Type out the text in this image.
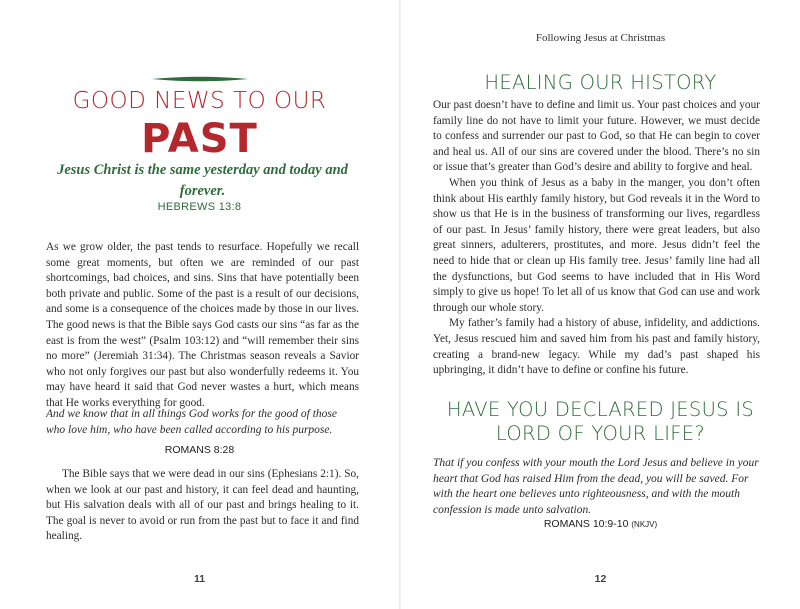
GOOD NEWS TO OUR
PAST
Jesus Christ is the same yesterday and today and forever.
HEBREWS 13:8

As we grow older, the past tends to resurface. Hopefully we recall some great moments, but often we are reminded of our past shortcomings, bad choices, and sins. Sins that have potentially been both private and public. Some of the past is a result of our decisions, and some is a consequence of the choices made by those in our lives. The good news is that the Bible says God casts our sins “as far as the east is from the west” (Psalm 103:12) and “will remember their sins no more” (Jeremiah 31:34). The Christmas season reveals a Savior who not only forgives our past but also wonderfully redeems it. You may have heard it said that God never wastes a hurt, which means that He works everything for good.

And we know that in all things God works for the good of those who love him, who have been called according to his purpose.
ROMANS 8:28

The Bible says that we were dead in our sins (Ephesians 2:1). So, when we look at our past and history, it can feel dead and haunting, but His salvation deals with all of our past and brings healing to it. The goal is never to avoid or run from the past but to face it and find healing.

11
Following Jesus at Christmas
HEALING OUR HISTORY

Our past doesn’t have to define and limit us. Your past choices and your family line do not have to limit your future. However, we must decide to confess and surrender our past to God, so that He can begin to cover and heal us. All of our sins are covered under the blood. There’s no sin or issue that’s greater than God’s desire and ability to forgive and heal.

When you think of Jesus as a baby in the manger, you don’t often think about His earthly family history, but God reveals it in the Word to show us that He is in the business of transforming our lives, regardless of our past. In Jesus’ family history, there were great leaders, but also great sinners, adulterers, prostitutes, and more. Jesus didn’t feel the need to hide that or clean up His family tree. Jesus’ family line had all the dysfunctions, but God seems to have included that in His Word simply to give us hope! To let all of us know that God can use and work through our whole story.

My father’s family had a history of abuse, infidelity, and addictions. Yet, Jesus rescued him and saved him from his past and family history, creating a brand-new legacy. While my dad’s past shaped his upbringing, it didn’t have to define or confine his future.

HAVE YOU DECLARED JESUS IS
LORD OF YOUR LIFE?
That if you confess with your mouth the Lord Jesus and believe in your heart that God has raised Him from the dead, you will be saved. For with the heart one believes unto righteousness, and with the mouth confession is made unto salvation.
ROMANS 10:9-10 (NKJV)
12
